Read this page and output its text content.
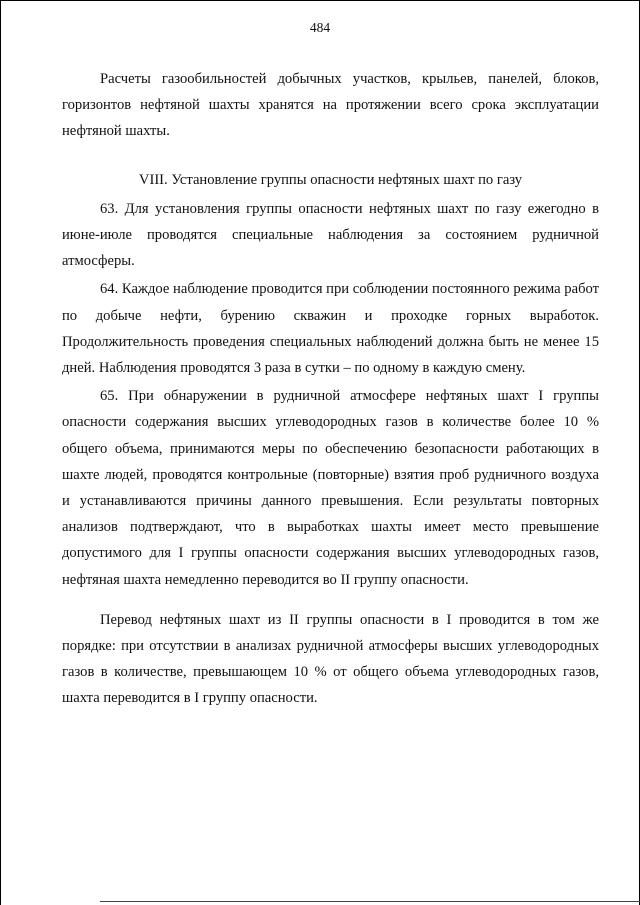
484

Расчеты газообильностей добычных участков, крыльев, панелей, блоков, горизонтов нефтяной шахты хранятся на протяжении всего срока эксплуатации нефтяной шахты.

VIII. Установление группы опасности нефтяных шахт по газу

63. Для установления группы опасности нефтяных шахт по газу ежегодно в июне-июле проводятся специальные наблюдения за состоянием рудничной атмосферы.

64. Каждое наблюдение проводится при соблюдении постоянного режима работ по добыче нефти, бурению скважин и проходке горных выработок. Продолжительность проведения специальных наблюдений должна быть не менее 15 дней. Наблюдения проводятся 3 раза в сутки – по одному в каждую смену.

65. При обнаружении в рудничной атмосфере нефтяных шахт I группы опасности содержания высших углеводородных газов в количестве более 10 % общего объема, принимаются меры по обеспечению безопасности работающих в шахте людей, проводятся контрольные (повторные) взятия проб рудничного воздуха и устанавливаются причины данного превышения. Если результаты повторных анализов подтверждают, что в выработках шахты имеет место превышение допустимого для I группы опасности содержания высших углеводородных газов, нефтяная шахта немедленно переводится во II группу опасности.

Перевод нефтяных шахт из II группы опасности в I проводится в том же порядке: при отсутствии в анализах рудничной атмосферы высших углеводородных газов в количестве, превышающем 10 % от общего объема углеводородных газов, шахта переводится в I группу опасности.
